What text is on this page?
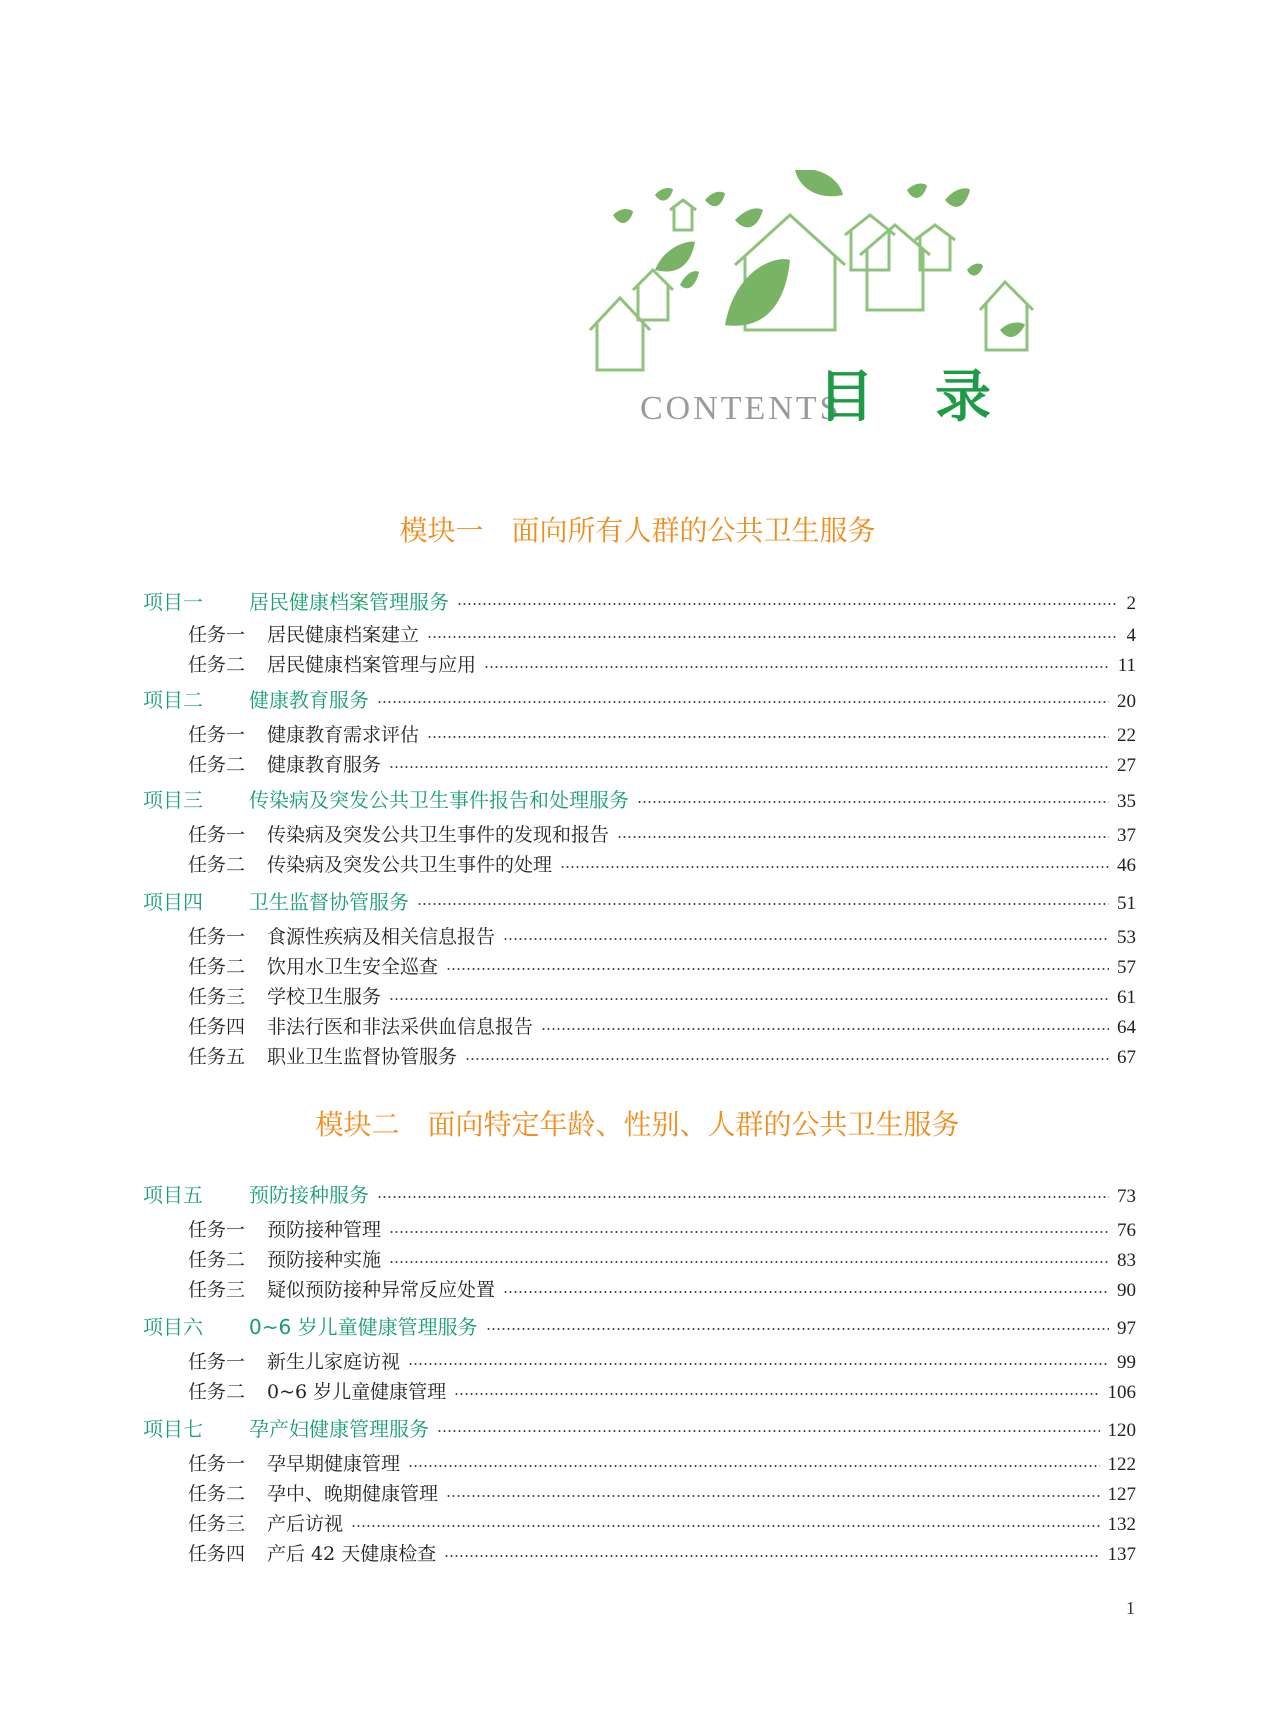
CONTENTS
目 录
模块一　面向所有人群的公共卫生服务
项目一 居民健康档案管理服务	2
任务一 居民健康档案建立	4
任务二 居民健康档案管理与应用	11
项目二 健康教育服务	20
任务一 健康教育需求评估	22
任务二 健康教育服务	27
项目三 传染病及突发公共卫生事件报告和处理服务	35
任务一 传染病及突发公共卫生事件的发现和报告	37
任务二 传染病及突发公共卫生事件的处理	46
项目四 卫生监督协管服务	51
任务一 食源性疾病及相关信息报告	53
任务二 饮用水卫生安全巡查	57
任务三 学校卫生服务	61
任务四 非法行医和非法采供血信息报告	64
任务五 职业卫生监督协管服务	67
模块二　面向特定年龄、性别、人群的公共卫生服务
项目五 预防接种服务	73
任务一 预防接种管理	76
任务二 预防接种实施	83
任务三 疑似预防接种异常反应处置	90
项目六 0~6 岁儿童健康管理服务	97
任务一 新生儿家庭访视	99
任务二 0~6 岁儿童健康管理	106
项目七 孕产妇健康管理服务	120
任务一 孕早期健康管理	122
任务二 孕中、晚期健康管理	127
任务三 产后访视	132
任务四 产后 42 天健康检查	137
1
